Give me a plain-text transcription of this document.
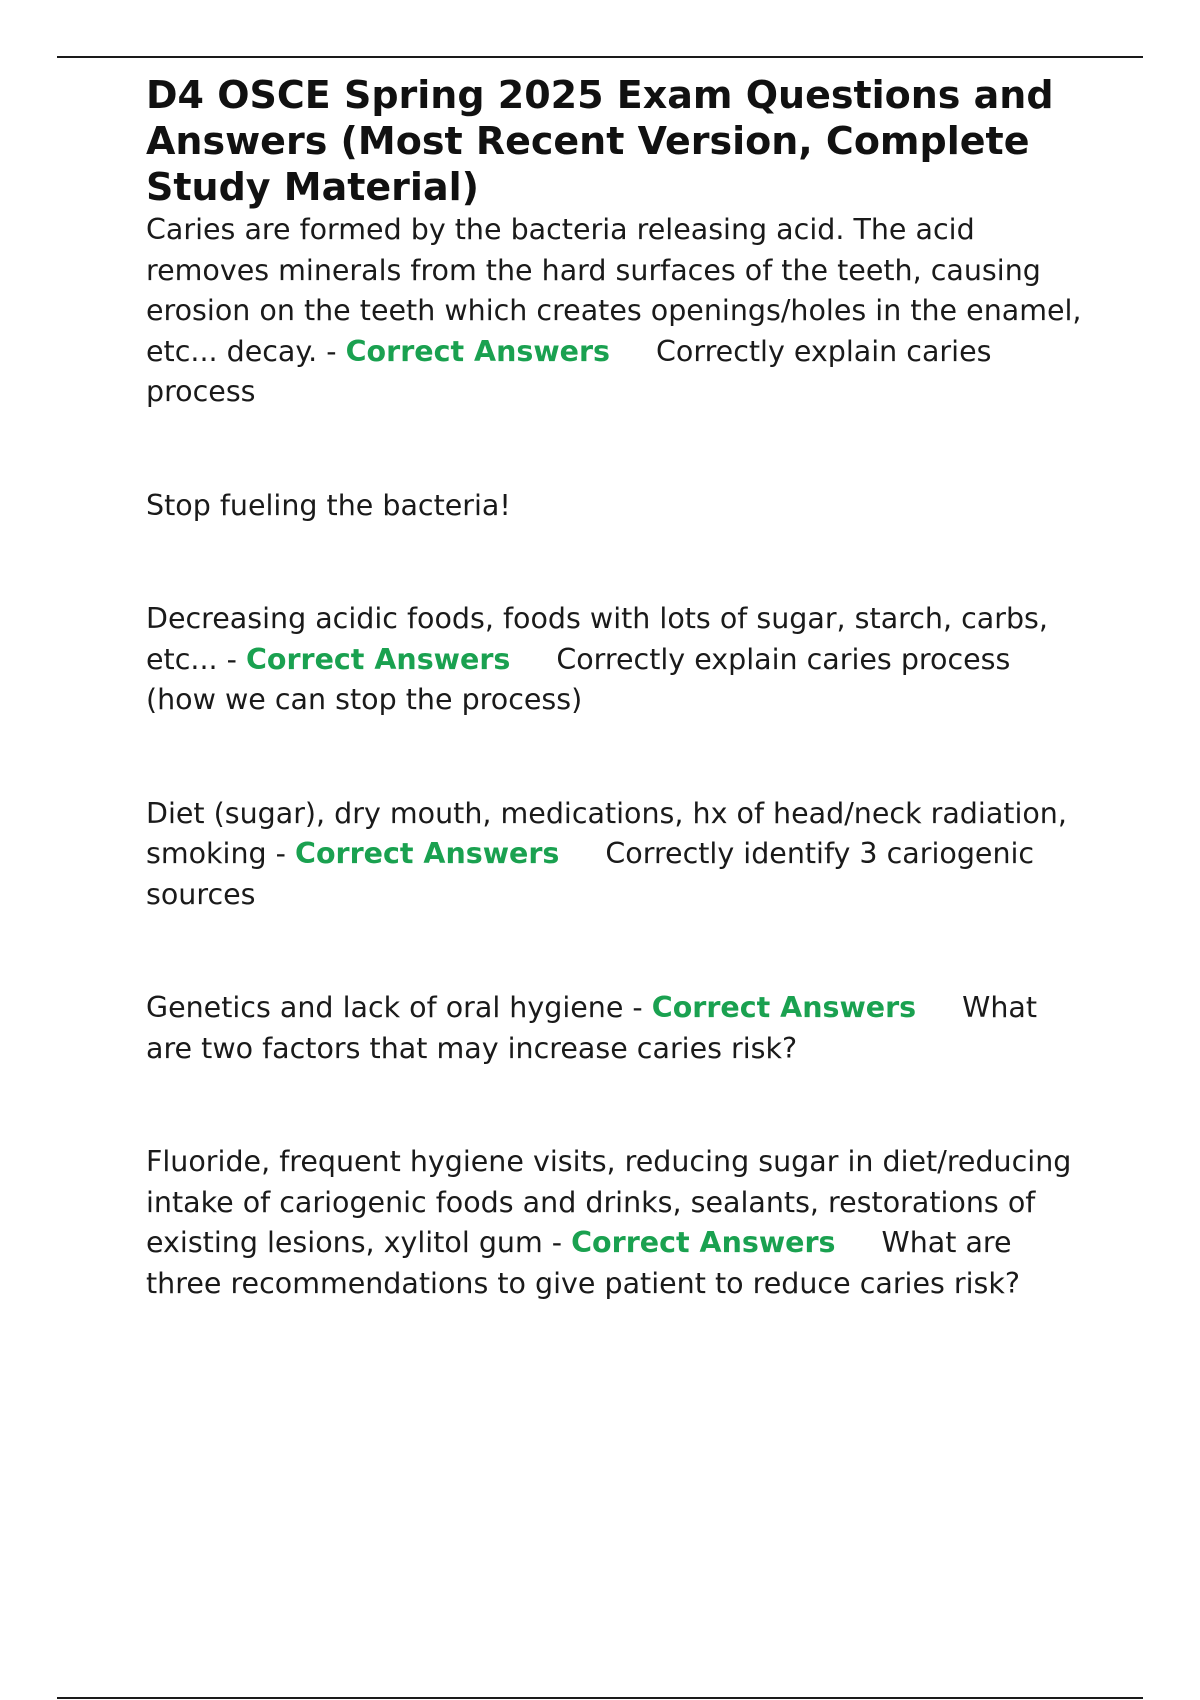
D4 OSCE Spring 2025 Exam Questions and Answers (Most Recent Version, Complete Study Material)

Caries are formed by the bacteria releasing acid. The acid removes minerals from the hard surfaces of the teeth, causing erosion on the teeth which creates openings/holes in the enamel, etc... decay. - Correct Answers Correctly explain caries process

Stop fueling the bacteria!

Decreasing acidic foods, foods with lots of sugar, starch, carbs, etc... - Correct Answers Correctly explain caries process (how we can stop the process)

Diet (sugar), dry mouth, medications, hx of head/neck radiation, smoking - Correct Answers Correctly identify 3 cariogenic sources

Genetics and lack of oral hygiene - Correct Answers What are two factors that may increase caries risk?

Fluoride, frequent hygiene visits, reducing sugar in diet/reducing intake of cariogenic foods and drinks, sealants, restorations of existing lesions, xylitol gum - Correct Answers What are three recommendations to give patient to reduce caries risk?
